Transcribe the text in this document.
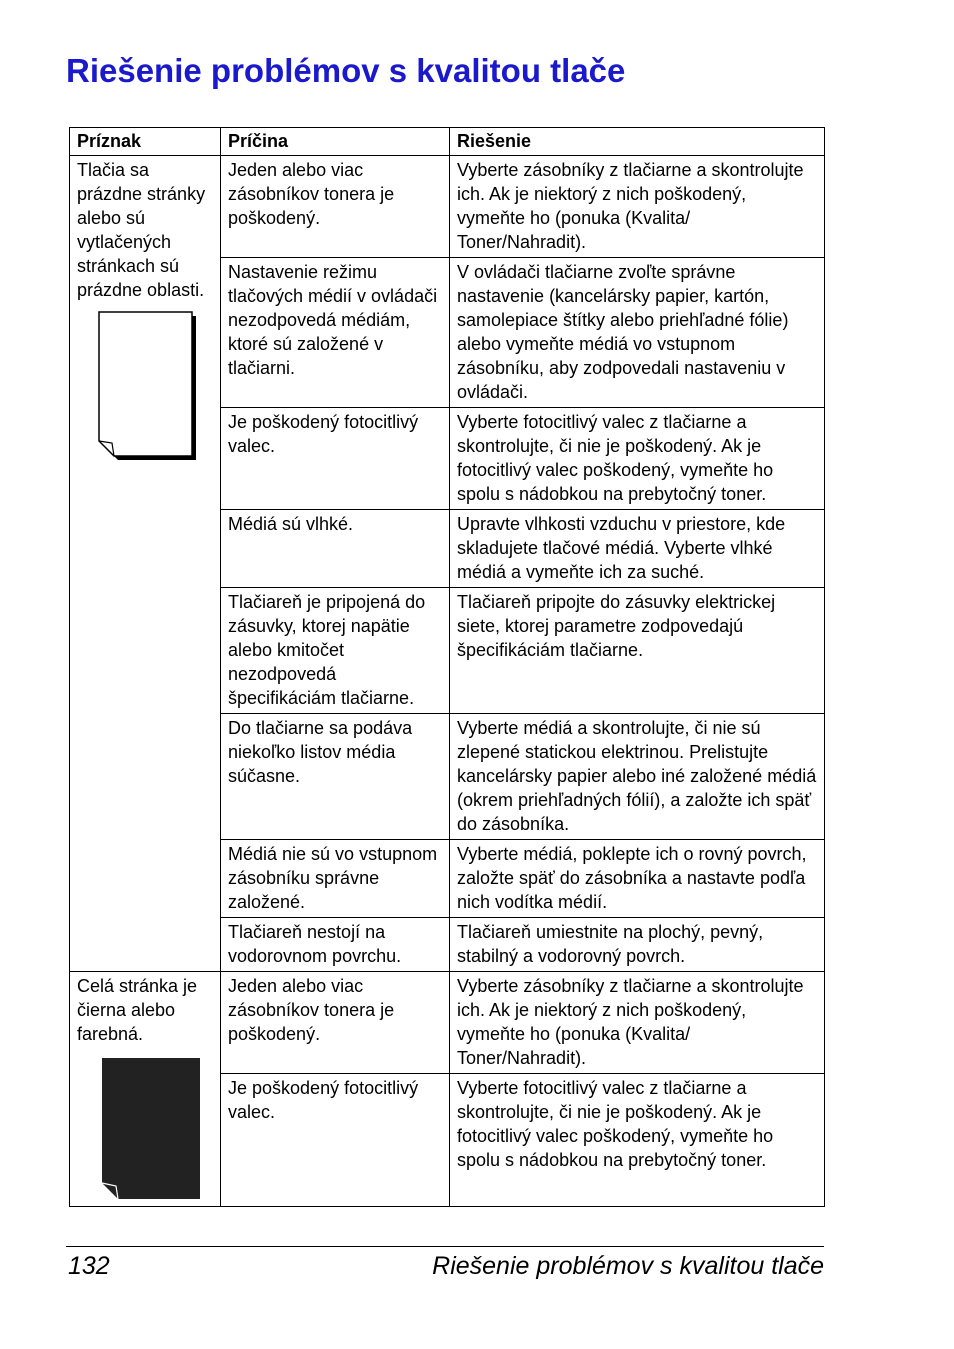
Riešenie problémov s kvalitou tlače
Príznak	Príčina	Riešenie

Tlačia sa prázdne stránky alebo sú vytlačených stránkach sú prázdne oblasti.	Jeden alebo viac zásobníkov tonera je poškodený.	Vyberte zásobníky z tlačiarne a skontrolujte ich. Ak je niektorý z nich poškodený, vymeňte ho (ponuka (Kvalita/ Toner/Nahradit).
	Nastavenie režimu tlačových médií v ovládači nezodpovedá médiám, ktoré sú založené v tlačiarni.	V ovládači tlačiarne zvoľte správne nastavenie (kancelársky papier, kartón, samolepiace štítky alebo priehľadné fólie) alebo vymeňte médiá vo vstupnom zásobníku, aby zodpovedali nastaveniu v ovládači.
	Je poškodený fotocitlivý valec.	Vyberte fotocitlivý valec z tlačiarne a skontrolujte, či nie je poškodený. Ak je fotocitlivý valec poškodený, vymeňte ho spolu s nádobkou na prebytočný toner.
	Médiá sú vlhké.	Upravte vlhkosti vzduchu v priestore, kde skladujete tlačové médiá. Vyberte vlhké médiá a vymeňte ich za suché.
	Tlačiareň je pripojená do zásuvky, ktorej napätie alebo kmitočet nezodpovedá špecifikáciám tlačiarne.	Tlačiareň pripojte do zásuvky elektrickej siete, ktorej parametre zodpovedajú špecifikáciám tlačiarne.
	Do tlačiarne sa podáva niekoľko listov média súčasne.	Vyberte médiá a skontrolujte, či nie sú zlepené statickou elektrinou. Prelistujte kancelársky papier alebo iné založené médiá (okrem priehľadných fólií), a založte ich späť do zásobníka.
	Médiá nie sú vo vstupnom zásobníku správne založené.	Vyberte médiá, poklepte ich o rovný povrch, založte späť do zásobníka a nastavte podľa nich vodítka médií.
	Tlačiareň nestojí na vodorovnom povrchu.	Tlačiareň umiestnite na plochý, pevný, stabilný a vodorovný povrch.

Celá stránka je čierna alebo farebná.	Jeden alebo viac zásobníkov tonera je poškodený.	Vyberte zásobníky z tlačiarne a skontrolujte ich. Ak je niektorý z nich poškodený, vymeňte ho (ponuka (Kvalita/ Toner/Nahradit).
	Je poškodený fotocitlivý valec.	Vyberte fotocitlivý valec z tlačiarne a skontrolujte, či nie je poškodený. Ak je fotocitlivý valec poškodený, vymeňte ho spolu s nádobkou na prebytočný toner.
132	Riešenie problémov s kvalitou tlače
